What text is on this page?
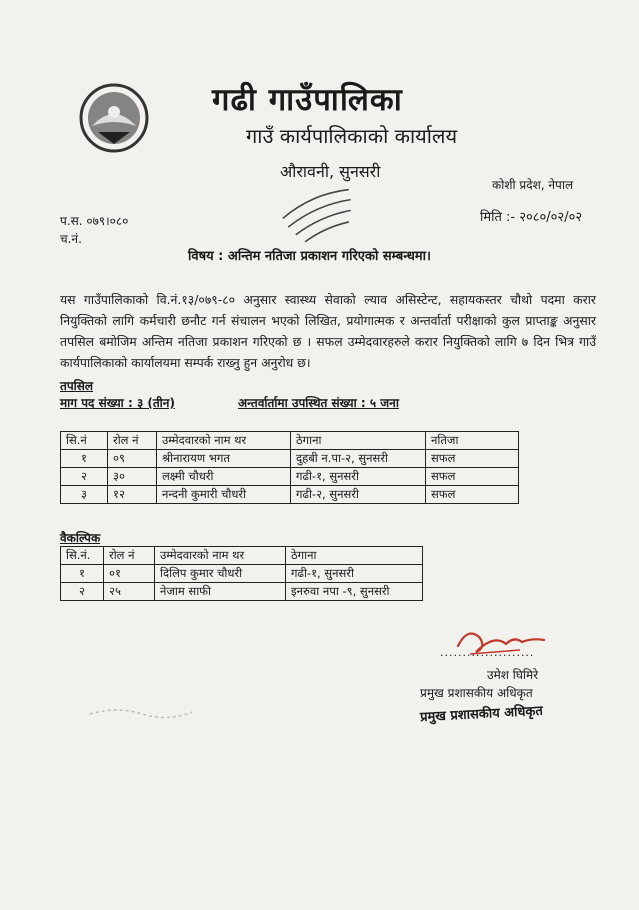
गढी गाउँपालिका
गाउँ कार्यपालिकाको कार्यालय
औरावनी, सुनसरी
कोशी प्रदेश, नेपाल
प.स. ०७९।०८०
च.नं.
मिति :- २०८०/०२/०२
विषय : अन्तिम नतिजा प्रकाशन गरिएको सम्बन्धमा।
यस गाउँपालिकाको वि.नं.१३/०७९-८० अनुसार स्वास्थ्य सेवाको ल्याव असिस्टेन्ट, सहायकस्तर चौथो पदमा करार नियुक्तिको लागि कर्मचारी छनौट गर्न संचालन भएको लिखित, प्रयोगात्मक र अन्तर्वार्ता परीक्षाको कुल प्राप्ताङ्क अनुसार तपसिल बमोजिम अन्तिम नतिजा प्रकाशन गरिएको छ । सफल उम्मेदवारहरुले करार नियुक्तिको लागि ७ दिन भित्र गाउँ कार्यपालिकाको कार्यालयमा सम्पर्क राख्नु हुन अनुरोध छ।
तपसिल
माग पद संख्या : ३ (तीन)	अन्तर्वार्तामा उपस्थित संख्या : ५ जना
सि.नं	रोल नं	उम्मेदवारको नाम थर	ठेगाना	नतिजा
१	०९	श्रीनारायण भगत	दुहबी न.पा-२, सुनसरी	सफल
२	३०	लक्ष्मी चौधरी	गढी-१, सुनसरी	सफल
३	१२	नन्दनी कुमारी चौधरी	गढी-२, सुनसरी	सफल
वैकल्पिक
सि.नं.	रोल नं	उम्मेदवारको नाम थर	ठेगाना
१	०१	दिलिप कुमार चौधरी	गढी-१, सुनसरी
२	२५	नेजाम साफी	इनरुवा नपा -९, सुनसरी
.....................
उमेश घिमिरे
प्रमुख प्रशासकीय अधिकृत
प्रमुख प्रशासकीय अधिकृत
